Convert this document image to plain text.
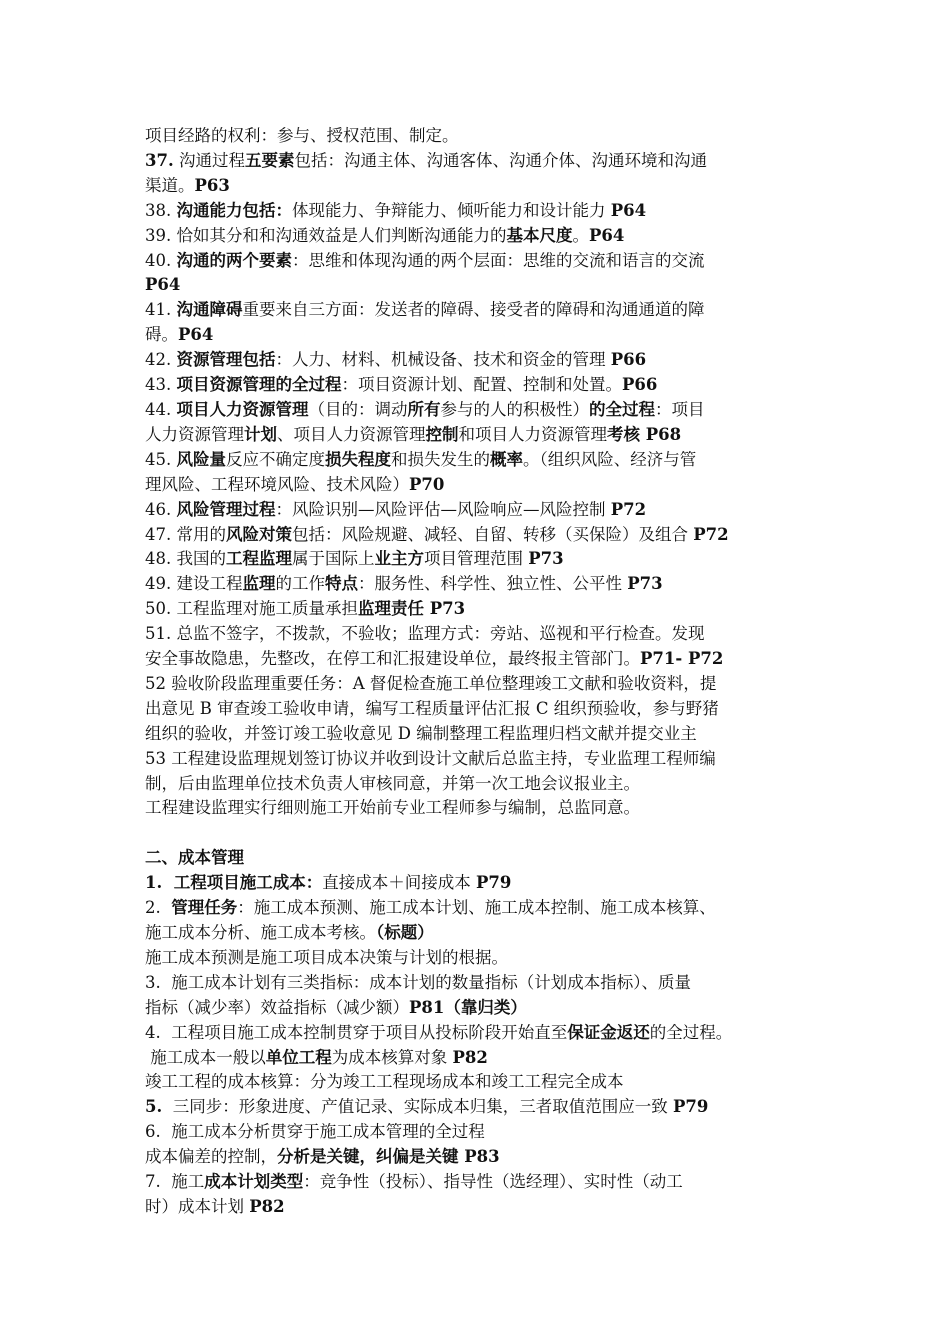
项目经路的权利：参与、授权范围、制定。
37. 沟通过程五要素包括：沟通主体、沟通客体、沟通介体、沟通环境和沟通
渠道。P63
38. 沟通能力包括：体现能力、争辩能力、倾听能力和设计能力 P64
39. 恰如其分和和沟通效益是人们判断沟通能力的基本尺度。P64
40. 沟通的两个要素：思维和体现沟通的两个层面：思维的交流和语言的交流
P64
41. 沟通障碍重要来自三方面：发送者的障碍、接受者的障碍和沟通通道的障
碍。P64
42. 资源管理包括：人力、材料、机械设备、技术和资金的管理 P66
43. 项目资源管理的全过程：项目资源计划、配置、控制和处置。P66
44. 项目人力资源管理（目的：调动所有参与的人的积极性）的全过程：项目
人力资源管理计划、项目人力资源管理控制和项目人力资源管理考核 P68
45. 风险量反应不确定度损失程度和损失发生的概率。（组织风险、经济与管
理风险、工程环境风险、技术风险）P70
46. 风险管理过程：风险识别—风险评估—风险响应—风险控制 P72
47. 常用的风险对策包括：风险规避、减轻、自留、转移（买保险）及组合 P72
48. 我国的工程监理属于国际上业主方项目管理范围 P73
49. 建设工程监理的工作特点：服务性、科学性、独立性、公平性 P73
50. 工程监理对施工质量承担监理责任 P73
51. 总监不签字，不拨款，不验收；监理方式：旁站、巡视和平行检查。发现
安全事故隐患，先整改，在停工和汇报建设单位，最终报主管部门。P71- P72
52 验收阶段监理重要任务：A 督促检查施工单位整理竣工文献和验收资料，提
出意见 B 审查竣工验收申请，编写工程质量评估汇报 C 组织预验收，参与野猪
组织的验收，并签订竣工验收意见 D 编制整理工程监理归档文献并提交业主
53 工程建设监理规划签订协议并收到设计文献后总监主持，专业监理工程师编
制，后由监理单位技术负责人审核同意，并第一次工地会议报业主。
工程建设监理实行细则施工开始前专业工程师参与编制，总监同意。
二、成本管理
1.  工程项目施工成本：直接成本＋间接成本 P79
2.  管理任务：施工成本预测、施工成本计划、施工成本控制、施工成本核算、
施工成本分析、施工成本考核。（标题）
施工成本预测是施工项目成本决策与计划的根据。
3.  施工成本计划有三类指标：成本计划的数量指标（计划成本指标）、质量
指标（减少率）效益指标（减少额）P81（靠归类）
4.  工程项目施工成本控制贯穿于项目从投标阶段开始直至保证金返还的全过程。
施工成本一般以单位工程为成本核算对象 P82
竣工工程的成本核算：分为竣工工程现场成本和竣工工程完全成本
5.  三同步：形象进度、产值记录、实际成本归集，三者取值范围应一致 P79
6.  施工成本分析贯穿于施工成本管理的全过程
成本偏差的控制，分析是关键，纠偏是关键 P83
7.  施工成本计划类型：竞争性（投标）、指导性（选经理）、实时性（动工
时）成本计划 P82
